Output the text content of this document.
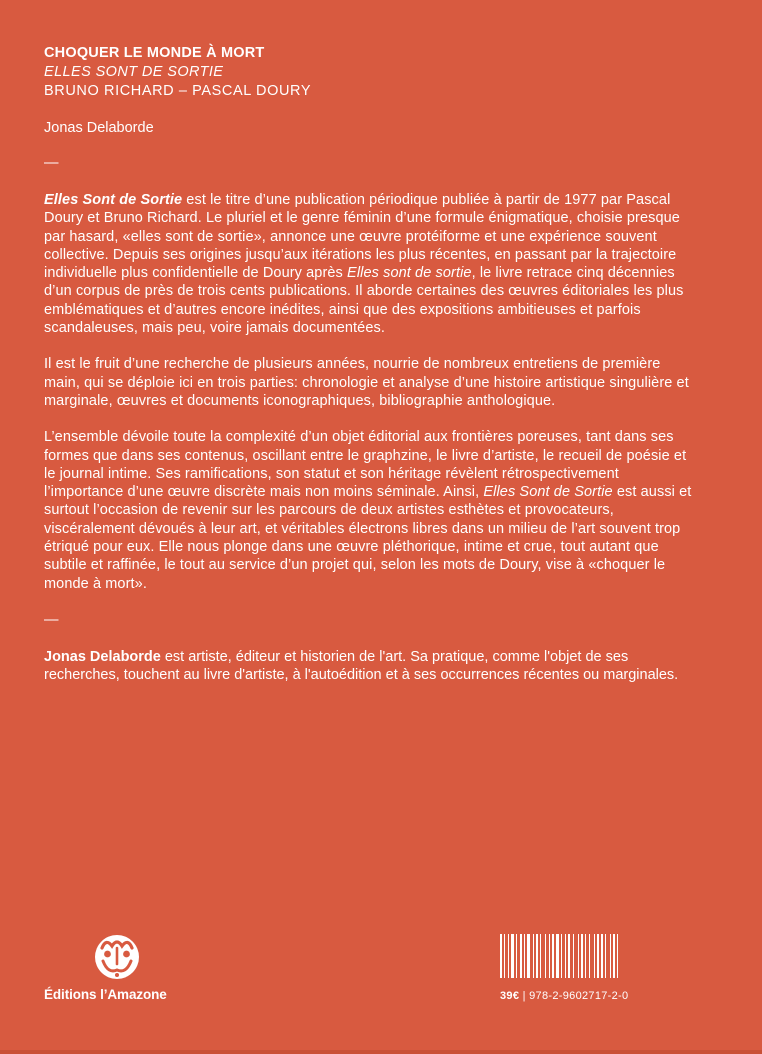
CHOQUER LE MONDE À MORT
ELLES SONT DE SORTIE
BRUNO RICHARD – PASCAL DOURY
Jonas Delaborde
—

Elles Sont de Sortie est le titre d’une publication périodique publiée à partir de 1977 par Pascal Doury et Bruno Richard. Le pluriel et le genre féminin d’une formule énigmatique, choisie presque par hasard, «elles sont de sortie», annonce une œuvre protéiforme et une expérience souvent collective. Depuis ses origines jusqu’aux itérations les plus récentes, en passant par la trajectoire individuelle plus confidentielle de Doury après Elles sont de sortie, le livre retrace cinq décennies d’un corpus de près de trois cents publications. Il aborde certaines des œuvres éditoriales les plus emblématiques et d’autres encore inédites, ainsi que des expositions ambitieuses et parfois scandaleuses, mais peu, voire jamais documentées.

Il est le fruit d’une recherche de plusieurs années, nourrie de nombreux entretiens de première main, qui se déploie ici en trois parties: chronologie et analyse d’une histoire artistique singulière et marginale, œuvres et documents iconographiques, bibliographie anthologique.

L’ensemble dévoile toute la complexité d’un objet éditorial aux frontières poreuses, tant dans ses formes que dans ses contenus, oscillant entre le graphzine, le livre d’artiste, le recueil de poésie et le journal intime. Ses ramifications, son statut et son héritage révèlent rétrospectivement l’importance d’une œuvre discrète mais non moins séminale. Ainsi, Elles Sont de Sortie est aussi et surtout l’occasion de revenir sur les parcours de deux artistes esthètes et provocateurs, viscéralement dévoués à leur art, et véritables électrons libres dans un milieu de l’art souvent trop étriqué pour eux. Elle nous plonge dans une œuvre pléthorique, intime et crue, tout autant que subtile et raffinée, le tout au service d’un projet qui, selon les mots de Doury, vise à «choquer le monde à mort».

—
Jonas Delaborde est artiste, éditeur et historien de l'art. Sa pratique, comme l'objet de ses recherches, touchent au livre d'artiste, à l'autoédition et à ses occurrences récentes ou marginales.
Éditions l’Amazone	39€ | 978-2-9602717-2-0
